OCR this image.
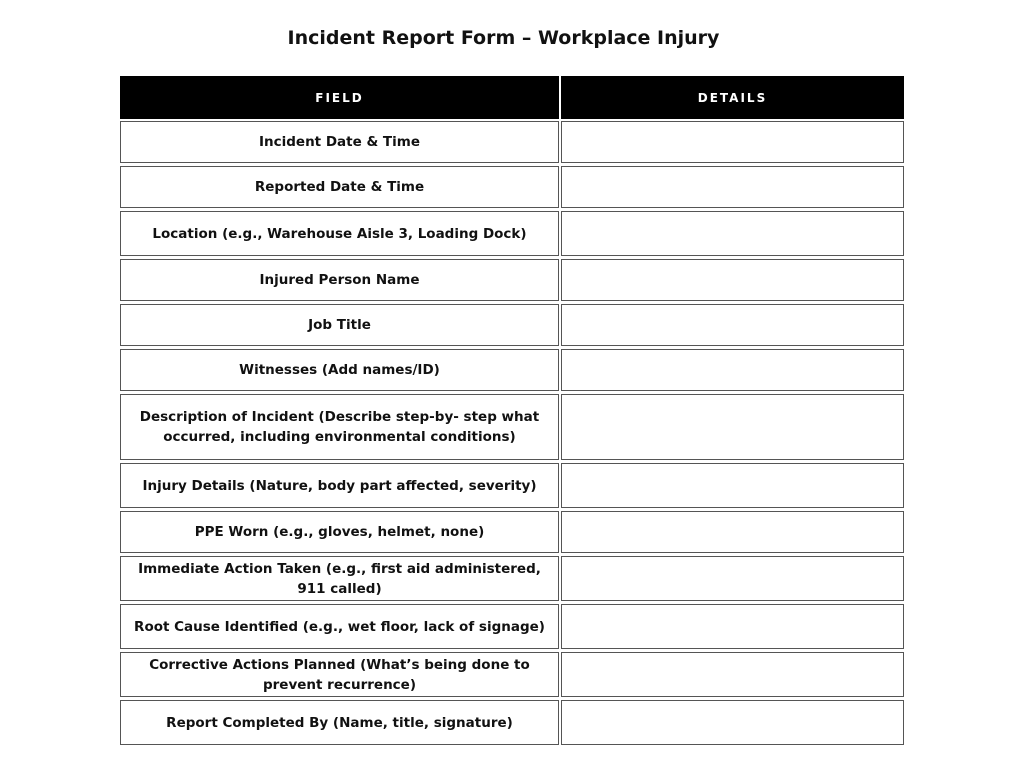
Incident Report Form – Workplace Injury
FIELD	DETAILS
Incident Date & Time
Reported Date & Time
Location (e.g., Warehouse Aisle 3, Loading Dock)
Injured Person Name
Job Title
Witnesses (Add names/ID)
Description of Incident (Describe step-by- step what occurred, including environmental conditions)
Injury Details (Nature, body part affected, severity)
PPE Worn (e.g., gloves, helmet, none)
Immediate Action Taken (e.g., first aid administered, 911 called)
Root Cause Identified (e.g., wet floor, lack of signage)
Corrective Actions Planned (What’s being done to prevent recurrence)
Report Completed By (Name, title, signature)
